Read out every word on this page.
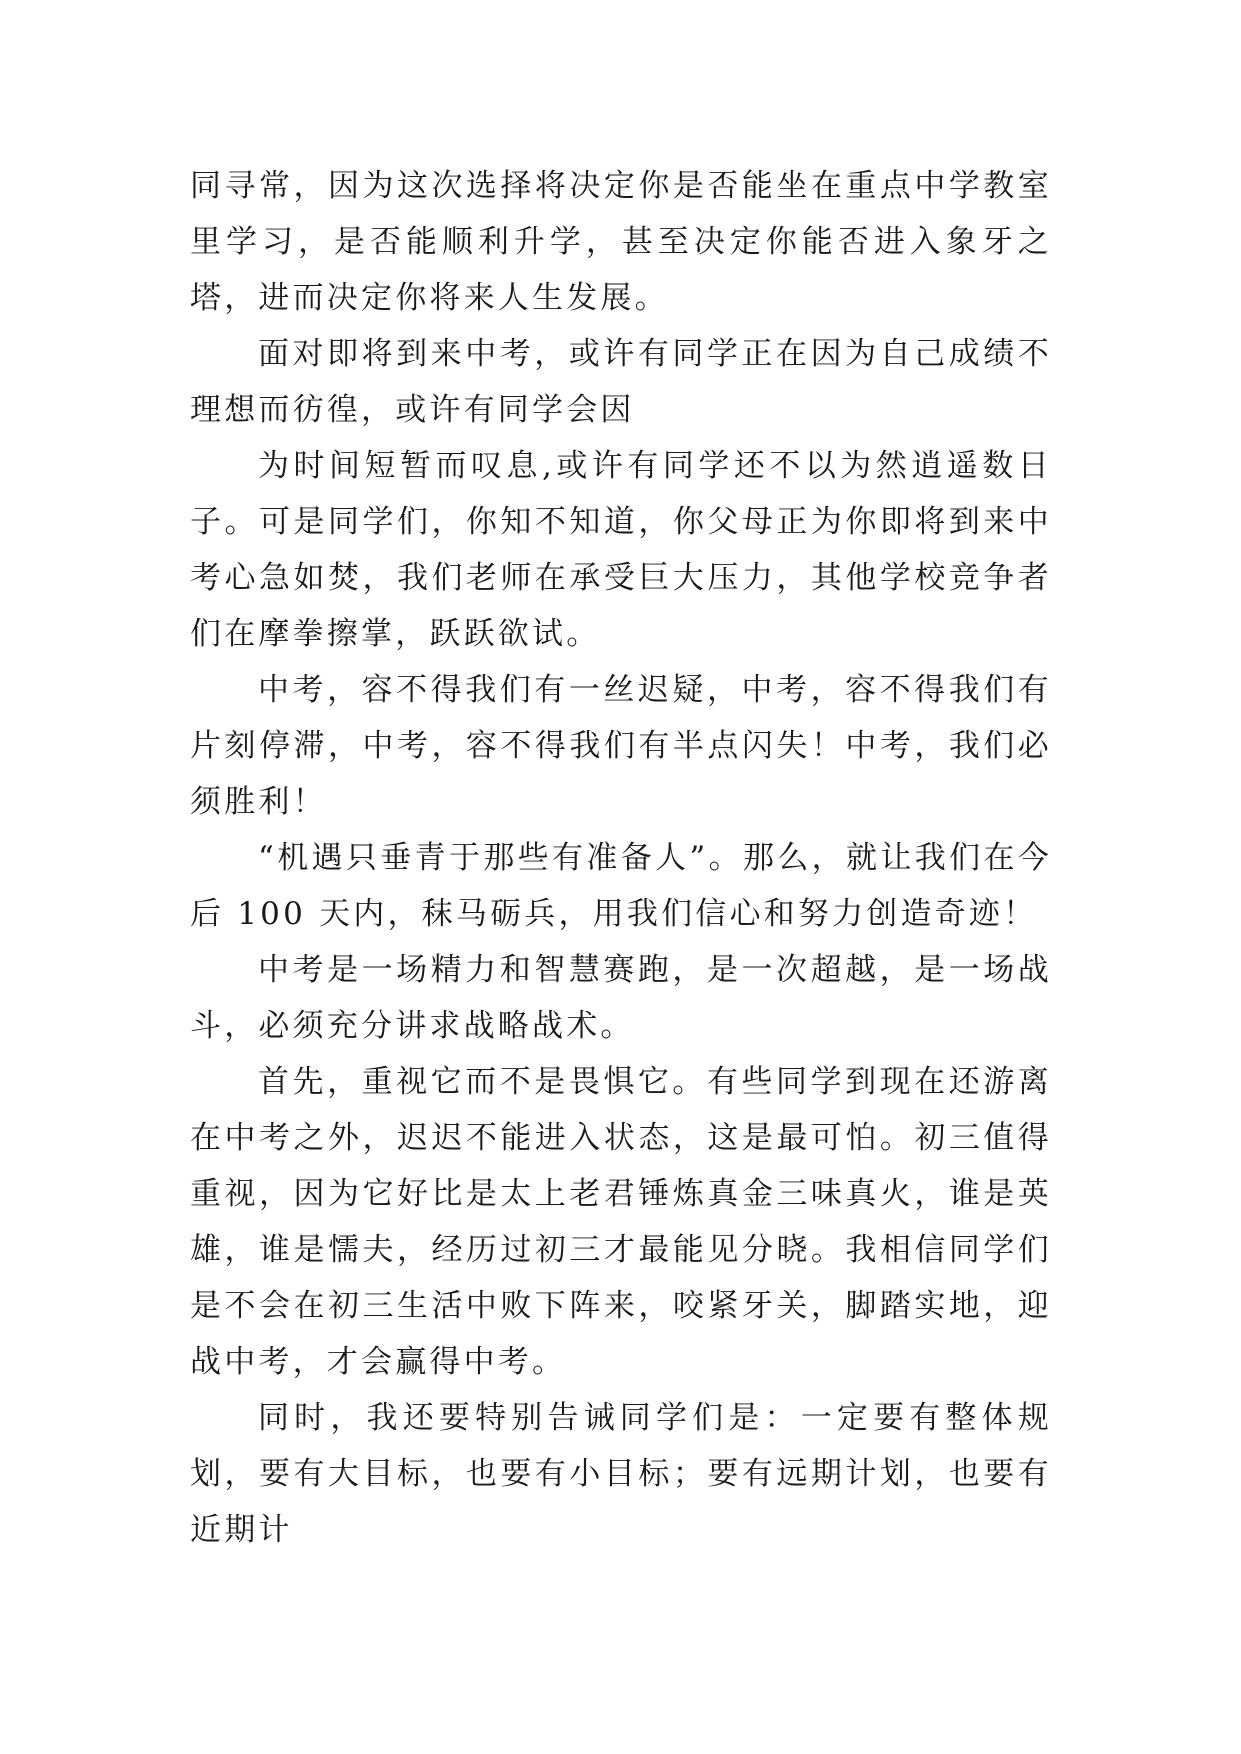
同寻常，因为这次选择将决定你是否能坐在重点中学教室里学习，是否能顺利升学，甚至决定你能否进入象牙之塔，进而决定你将来人生发展。

面对即将到来中考，或许有同学正在因为自己成绩不理想而彷徨，或许有同学会因

为时间短暂而叹息,或许有同学还不以为然逍遥数日子。可是同学们，你知不知道，你父母正为你即将到来中考心急如焚，我们老师在承受巨大压力，其他学校竞争者们在摩拳擦掌，跃跃欲试。

中考，容不得我们有一丝迟疑，中考，容不得我们有片刻停滞，中考，容不得我们有半点闪失！中考，我们必须胜利！

“机遇只垂青于那些有准备人”。那么，就让我们在今后 100 天内，秣马砺兵，用我们信心和努力创造奇迹！

中考是一场精力和智慧赛跑，是一次超越，是一场战斗，必须充分讲求战略战术。

首先，重视它而不是畏惧它。有些同学到现在还游离在中考之外，迟迟不能进入状态，这是最可怕。初三值得重视，因为它好比是太上老君锤炼真金三味真火，谁是英雄，谁是懦夫，经历过初三才最能见分晓。我相信同学们是不会在初三生活中败下阵来，咬紧牙关，脚踏实地，迎战中考，才会赢得中考。

同时，我还要特别告诫同学们是：一定要有整体规划，要有大目标，也要有小目标；要有远期计划，也要有近期计
